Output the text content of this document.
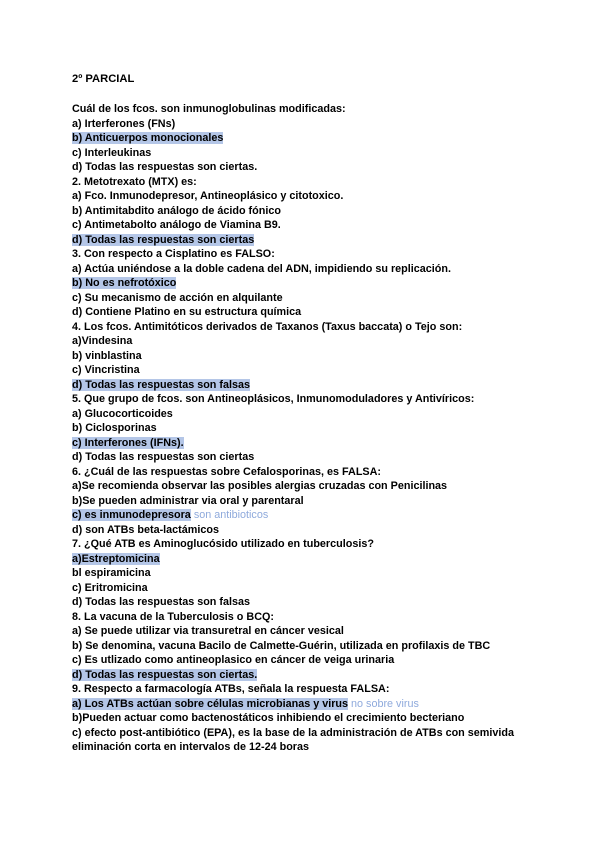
2º PARCIAL
Cuál de los fcos. son inmunoglobulinas modificadas:
a) Irterferones (FNs)
b) Anticuerpos monocionales
c) Interleukinas
d) Todas las respuestas son ciertas.
2. Metotrexato (MTX) es:
a) Fco. Inmunodepresor, Antineoplásico y citotoxico.
b) Antimitabdito análogo de ácido fónico
c) Antimetabolto análogo de Viamina B9.
d) Todas las respuestas son ciertas
3. Con respecto a Cisplatino es FALSO:
a) Actúa uniéndose a la doble cadena del ADN, impidiendo su replicación.
b) No es nefrotóxico
c) Su mecanismo de acción en alquilante
d) Contiene Platino en su estructura química
4. Los fcos. Antimitóticos derivados de Taxanos (Taxus baccata) o Tejo son:
a)Vindesina
b) vinblastina
c) Vincristina
d) Todas las respuestas son falsas
5. Que grupo de fcos. son Antineoplásicos, Inmunomoduladores y Antivíricos:
a) Glucocorticoides
b) Ciclosporinas
c) Interferones (IFNs).
d) Todas las respuestas son ciertas
6. ¿Cuál de las respuestas sobre Cefalosporinas, es FALSA:
a)Se recomienda observar las posibles alergias cruzadas con Penicilinas
b)Se pueden administrar via oral y parentaral
c) es inmunodepresora son antibioticos
d) son ATBs beta-lactámicos
7. ¿Qué ATB es Aminoglucósido utilizado en tuberculosis?
a)Estreptomicina
bl espiramicina
c) Eritromicina
d) Todas las respuestas son falsas
8. La vacuna de la Tuberculosis o BCQ:
a) Se puede utilizar via transuretral en cáncer vesical
b) Se denomina, vacuna Bacilo de Calmette-Guérin, utilizada en profilaxis de TBC
c) Es utlizado como antineoplasico en cáncer de veiga urinaria
d) Todas las respuestas son ciertas.
9. Respecto a farmacología ATBs, señala la respuesta FALSA:
a) Los ATBs actúan sobre células microbianas y virus no sobre virus
b)Pueden actuar como bactenostáticos inhibiendo el crecimiento becteriano
c) efecto post-antibiótico (EPA), es la base de la administración de ATBs con semivida eliminación corta en intervalos de 12-24 boras
